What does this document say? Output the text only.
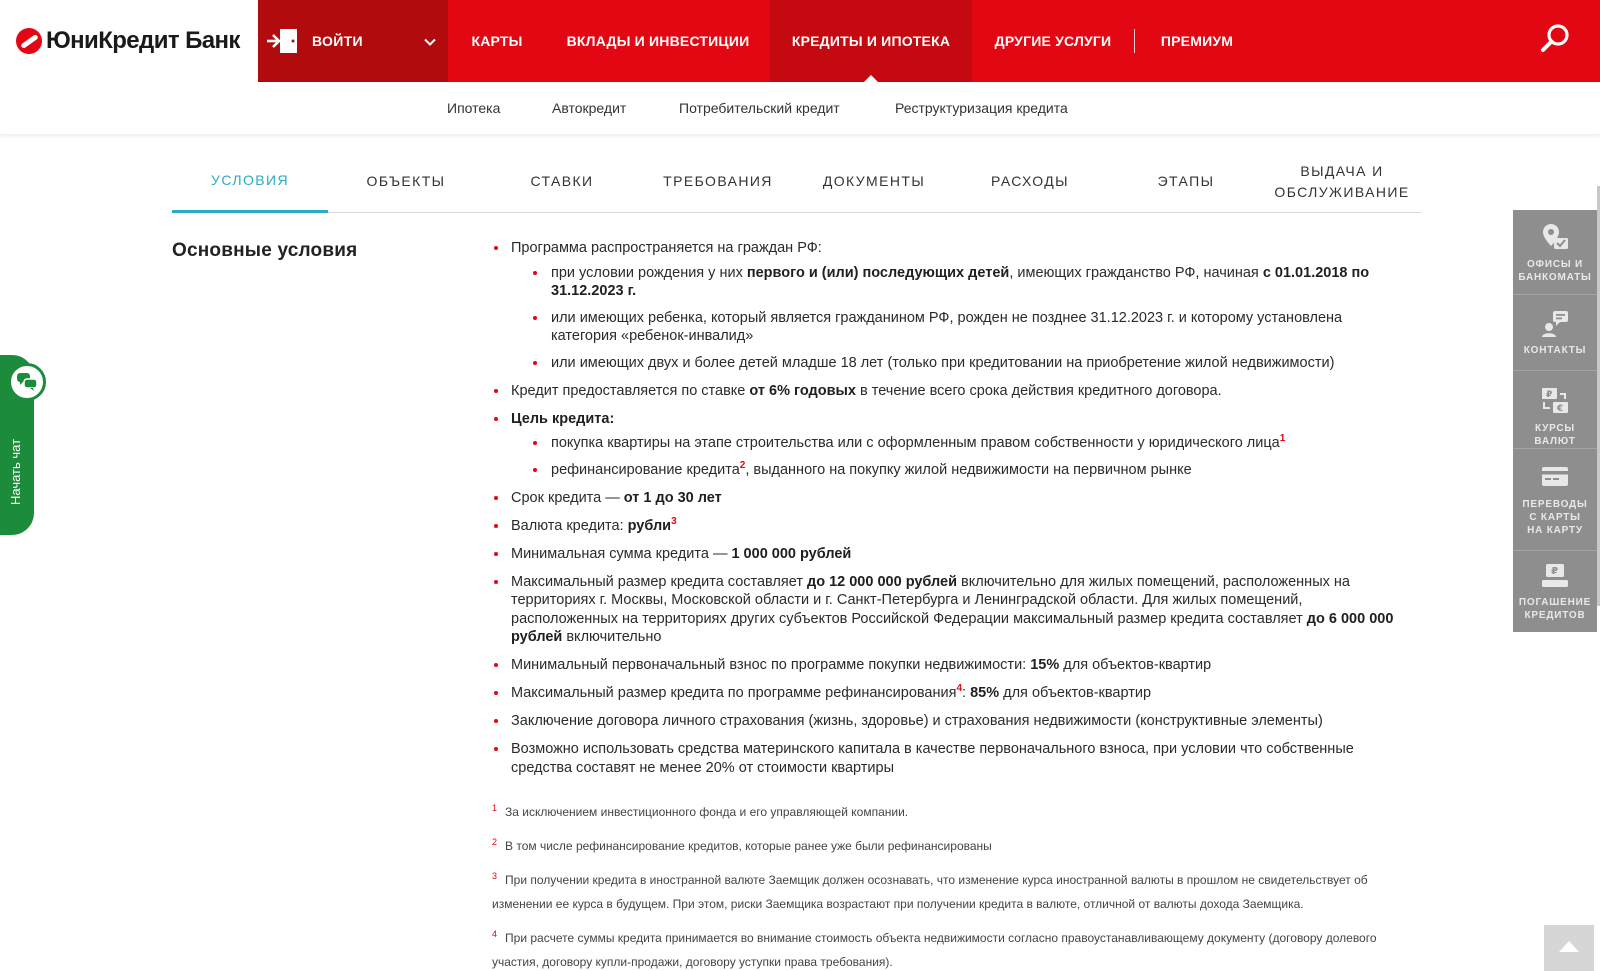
ЮниКредит Банк	ВОЙТИ	КАРТЫ	ВКЛАДЫ И ИНВЕСТИЦИИ	КРЕДИТЫ И ИПОТЕКА	ДРУГИЕ УСЛУГИ	ПРЕМИУМ
Ипотека	Автокредит	Потребительский кредит	Реструктуризация кредита
УСЛОВИЯ	ОБЪЕКТЫ	СТАВКИ	ТРЕБОВАНИЯ	ДОКУМЕНТЫ	РАСХОДЫ	ЭТАПЫ
ВЫДАЧА И
ОБСЛУЖИВАНИЕ
Основные условия	Программа распространяется на граждан РФ:
при условии рождения у них первого и (или) последующих детей, имеющих гражданство РФ, начиная с 01.01.2018 по 31.12.2023 г.
или имеющих ребенка, который является гражданином РФ, рожден не позднее 31.12.2023 г. и которому установлена категория «ребенок-инвалид»
или имеющих двух и более детей младше 18 лет (только при кредитовании на приобретение жилой недвижимости)
Кредит предоставляется по ставке от 6% годовых в течение всего срока действия кредитного договора.
Цель кредита:
покупка квартиры на этапе строительства или с оформленным правом собственности у юридического лица$^1$
рефинансирование кредита$^2$, выданного на покупку жилой недвижимости на первичном рынке
Срок кредита — от 1 до 30 лет
Валюта кредита: рубли$^3$
Минимальная сумма кредита — 1 000 000 рублей
Максимальный размер кредита составляет до 12 000 000 рублей включительно для жилых помещений, расположенных на территориях г. Москвы, Московской области и г. Санкт-Петербурга и Ленинградской области. Для жилых помещений, расположенных на территориях других субъектов Российской Федерации максимальный размер кредита составляет до 6 000 000 рублей включительно
Минимальный первоначальный взнос по программе покупки недвижимости: 15% для объектов-квартир
Максимальный размер кредита по программе рефинансирования$^4$: 85% для объектов-квартир
Заключение договора личного страхования (жизнь, здоровье) и страхования недвижимости (конструктивные элементы)
Возможно использовать средства материнского капитала в качестве первоначального взноса, при условии что собственные средства составят не менее 20% от стоимости квартиры
$^1$ За исключением инвестиционного фонда и его управляющей компании.
$^2$ В том числе рефинансирование кредитов, которые ранее уже были рефинансированы
$^3$ При получении кредита в иностранной валюте Заемщик должен осознавать, что изменение курса иностранной валюты в прошлом не свидетельствует об изменении ее курса в будущем. При этом, риски Заемщика возрастают при получении кредита в валюте, отличной от валюты дохода Заемщика.
$^4$ При расчете суммы кредита принимается во внимание стоимость объекта недвижимости согласно правоустанавливающему документу (договору долевого участия, договору купли-продажи, договору уступки права требования).
ОФИСЫ И
БАНКОМАТЫ
КОНТАКТЫ
₽
€
КУРСЫ
ВАЛЮТ
ПЕРЕВОДЫ
С КАРТЫ
НА КАРТУ
₽
ПОГАШЕНИЕ
КРЕДИТОВ
Начать чат
